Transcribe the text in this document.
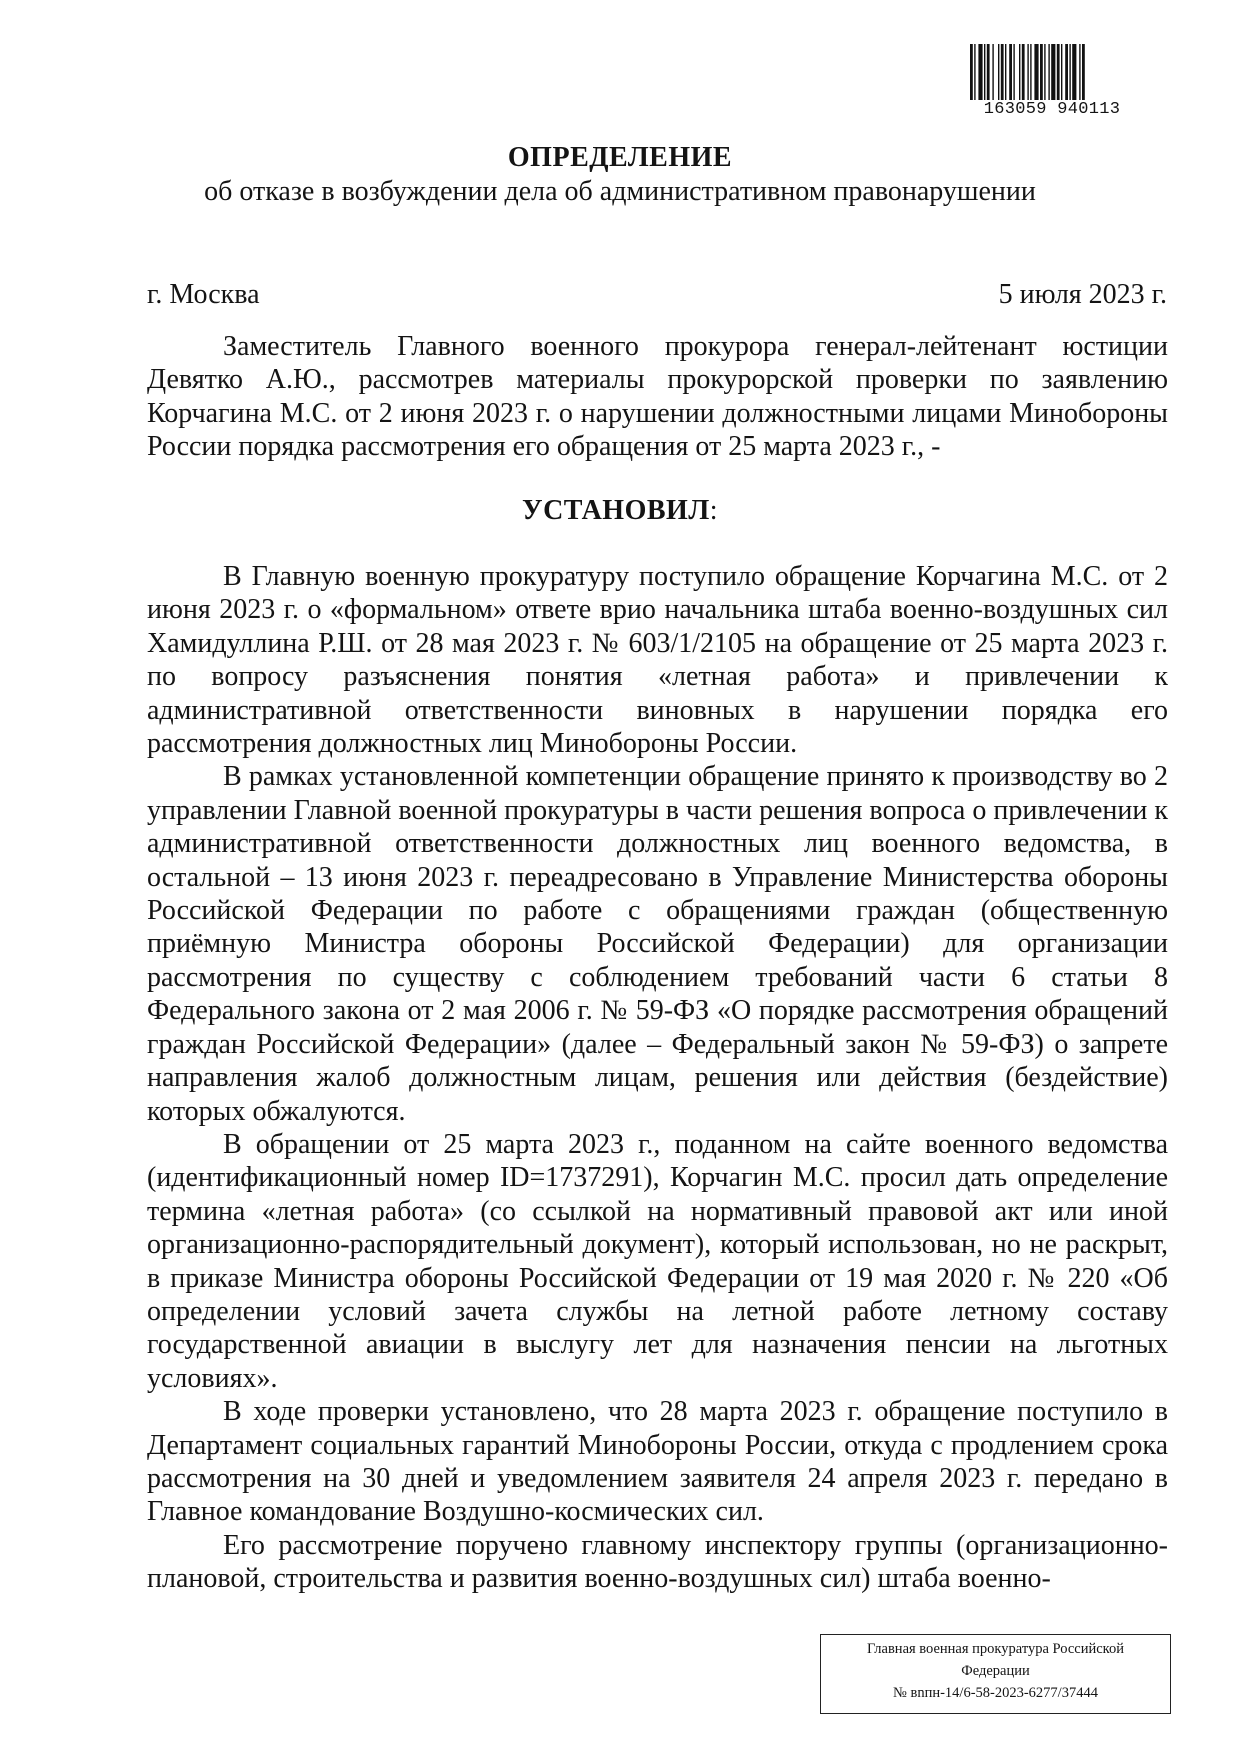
163059 940113
ОПРЕДЕЛЕНИЕ
об отказе в возбуждении дела об административном правонарушении
г. Москва	5 июля 2023 г.

Заместитель Главного военного прокурора генерал-лейтенант юстиции Девятко А.Ю., рассмотрев материалы прокурорской проверки по заявлению Корчагина М.С. от 2 июня 2023 г. о нарушении должностными лицами Минобороны России порядка рассмотрения его обращения от 25 марта 2023 г., -

УСТАНОВИЛ:

В Главную военную прокуратуру поступило обращение Корчагина М.С. от 2 июня 2023 г. о «формальном» ответе врио начальника штаба военно-воздушных сил Хамидуллина Р.Ш. от 28 мая 2023 г. № 603/1/2105 на обращение от 25 марта 2023 г. по вопросу разъяснения понятия «летная работа» и привлечении к административной ответственности виновных в нарушении порядка его рассмотрения должностных лиц Минобороны России.

В рамках установленной компетенции обращение принято к производству во 2 управлении Главной военной прокуратуры в части решения вопроса о привлечении к административной ответственности должностных лиц военного ведомства, в остальной – 13 июня 2023 г. переадресовано в Управление Министерства обороны Российской Федерации по работе с обращениями граждан (общественную приёмную Министра обороны Российской Федерации) для организации рассмотрения по существу с соблюдением требований части 6 статьи 8 Федерального закона от 2 мая 2006 г. № 59-ФЗ «О порядке рассмотрения обращений граждан Российской Федерации» (далее – Федеральный закон № 59-ФЗ) о запрете направления жалоб должностным лицам, решения или действия (бездействие) которых обжалуются.

В обращении от 25 марта 2023 г., поданном на сайте военного ведомства (идентификационный номер ID=1737291), Корчагин М.С. просил дать определение термина «летная работа» (со ссылкой на нормативный правовой акт или иной организационно-распорядительный документ), который использован, но не раскрыт, в приказе Министра обороны Российской Федерации от 19 мая 2020 г. № 220 «Об определении условий зачета службы на летной работе летному составу государственной авиации в выслугу лет для назначения пенсии на льготных условиях».

В ходе проверки установлено, что 28 марта 2023 г. обращение поступило в Департамент социальных гарантий Минобороны России, откуда с продлением срока рассмотрения на 30 дней и уведомлением заявителя 24 апреля 2023 г. передано в Главное командование Воздушно-космических сил.

Его рассмотрение поручено главному инспектору группы (организационно-плановой, строительства и развития военно-воздушных сил) штаба военно-

Главная военная прокуратура Российской
Федерации
№ вnпн-14/6-58-2023-6277/37444
